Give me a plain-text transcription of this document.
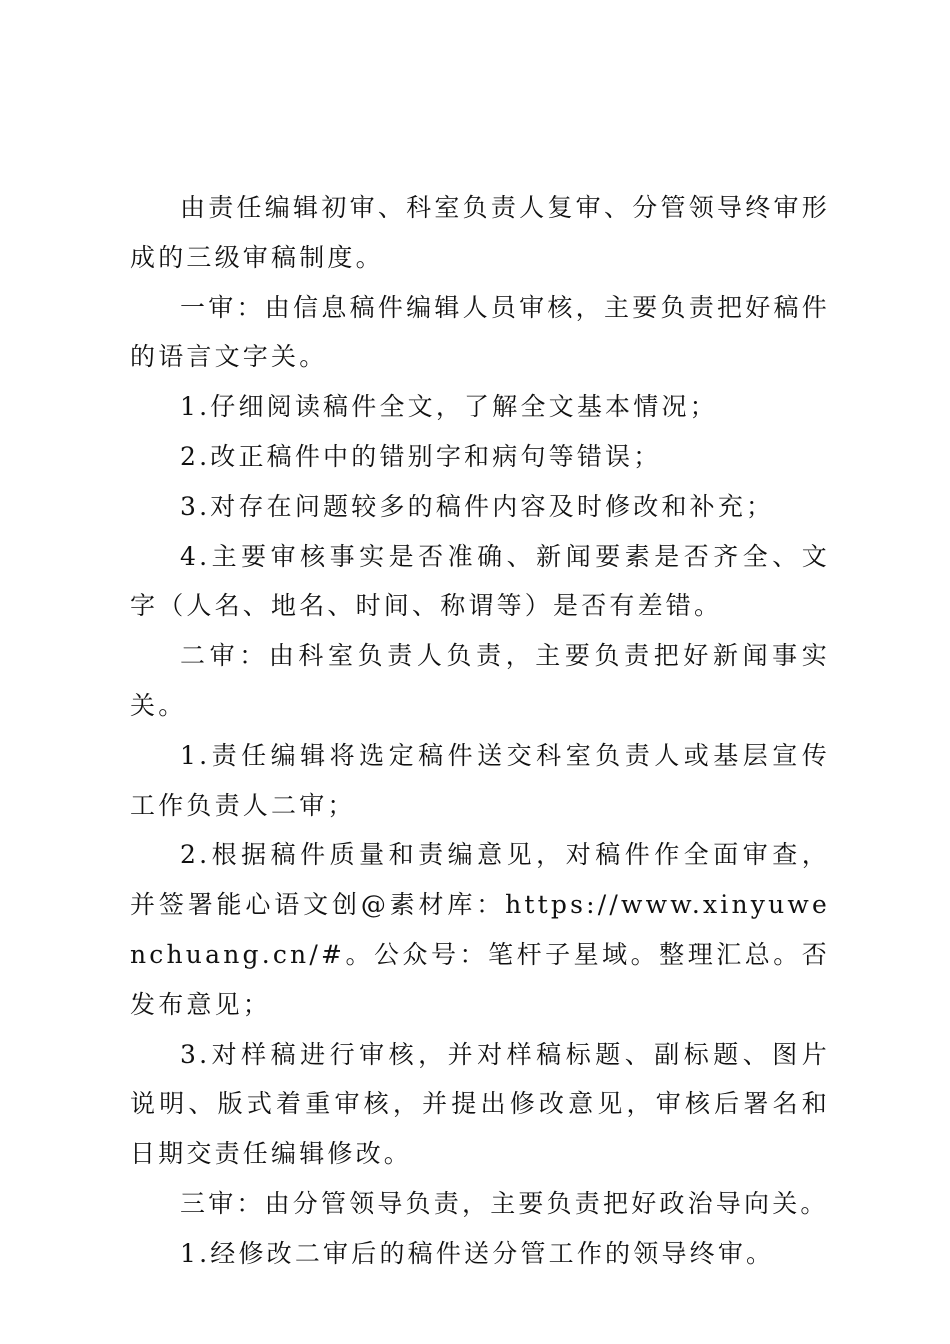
由责任编辑初审、科室负责人复审、分管领导终审形成的三级审稿制度。

一审：由信息稿件编辑人员审核，主要负责把好稿件的语言文字关。

1.仔细阅读稿件全文，了解全文基本情况；

2.改正稿件中的错别字和病句等错误；

3.对存在问题较多的稿件内容及时修改和补充；

4.主要审核事实是否准确、新闻要素是否齐全、文字（人名、地名、时间、称谓等）是否有差错。

二审：由科室负责人负责，主要负责把好新闻事实关。

1.责任编辑将选定稿件送交科室负责人或基层宣传工作负责人二审；

2.根据稿件质量和责编意见，对稿件作全面审查，并签署能心语文创@素材库：https://www.xinyuwenchuang.cn/#。公众号：笔杆子星域。整理汇总。否发布意见；

3.对样稿进行审核，并对样稿标题、副标题、图片说明、版式着重审核，并提出修改意见，审核后署名和日期交责任编辑修改。

三审：由分管领导负责，主要负责把好政治导向关。

1.经修改二审后的稿件送分管工作的领导终审。
